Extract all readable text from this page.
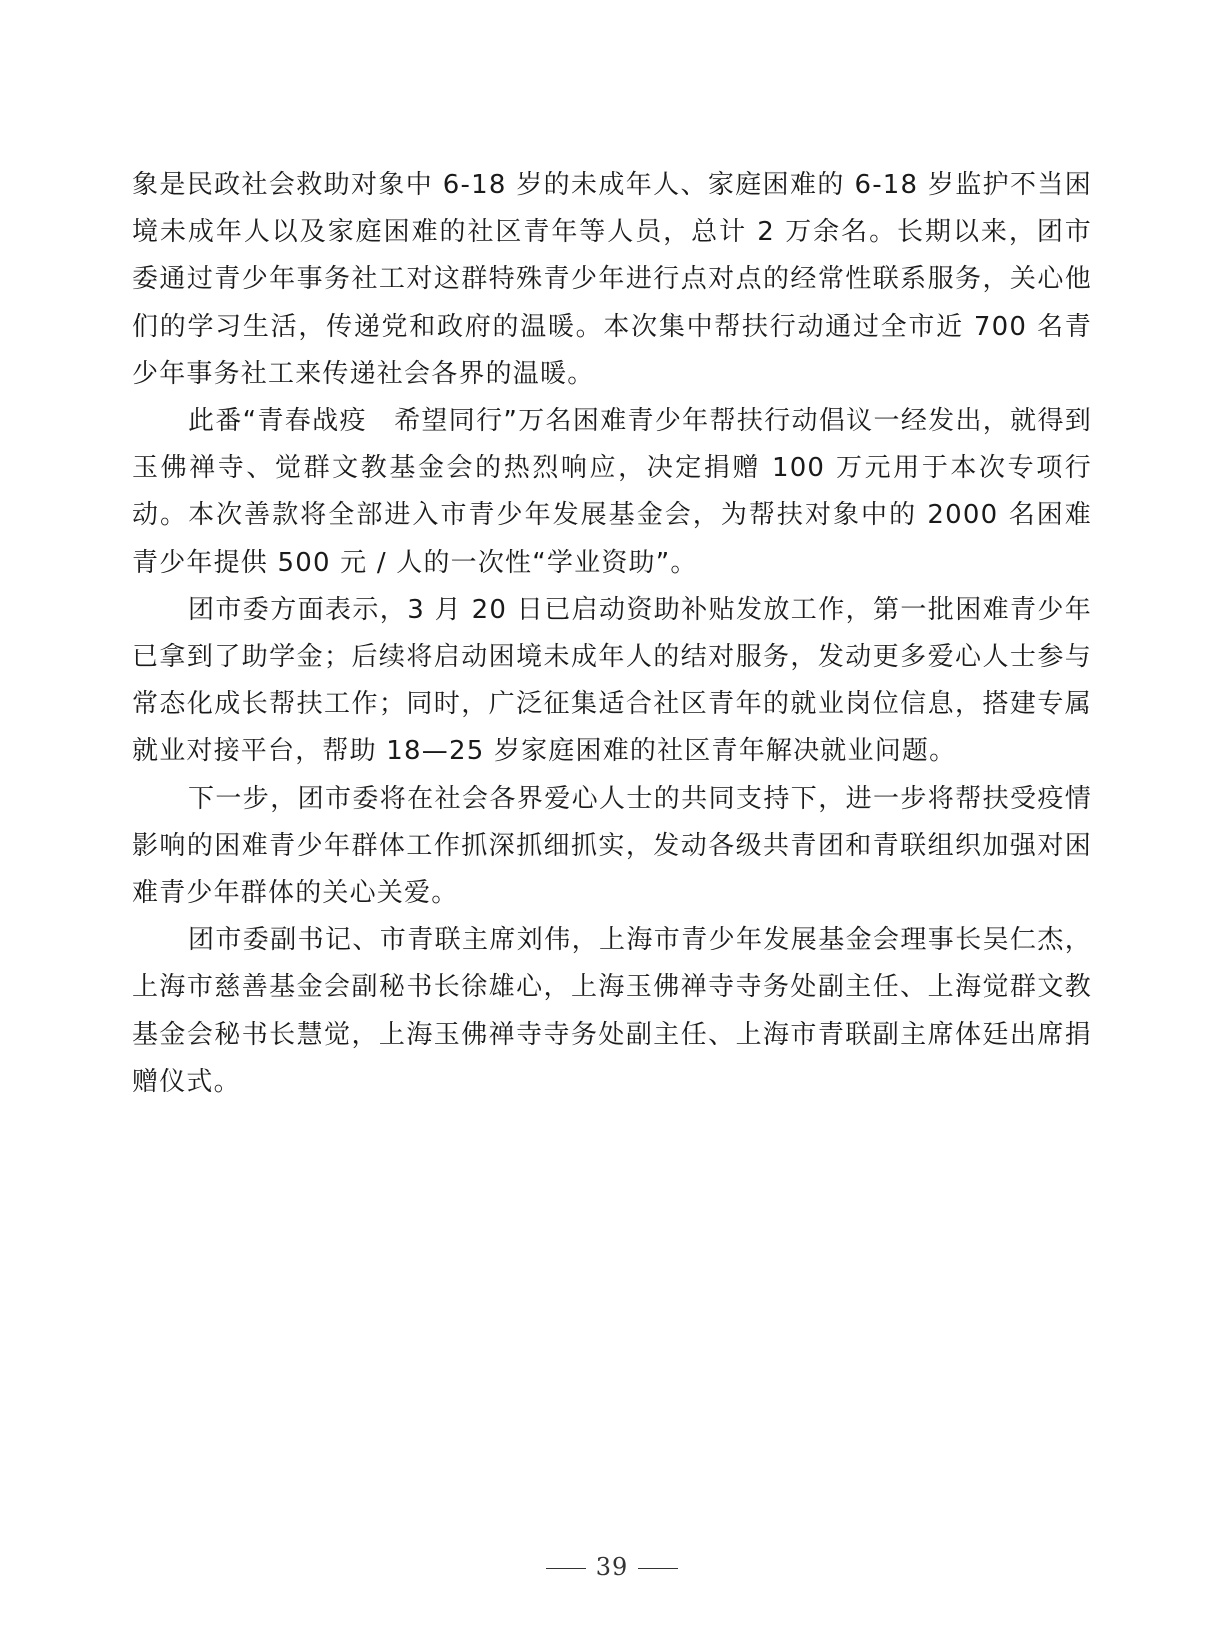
象是民政社会救助对象中 6-18 岁的未成年人、家庭困难的 6-18 岁监护不当困境未成年人以及家庭困难的社区青年等人员，总计 2 万余名。长期以来，团市委通过青少年事务社工对这群特殊青少年进行点对点的经常性联系服务，关心他们的学习生活，传递党和政府的温暖。本次集中帮扶行动通过全市近 700 名青少年事务社工来传递社会各界的温暖。

此番“青春战疫　希望同行”万名困难青少年帮扶行动倡议一经发出，就得到玉佛禅寺、觉群文教基金会的热烈响应，决定捐赠 100 万元用于本次专项行动。本次善款将全部进入市青少年发展基金会，为帮扶对象中的 2000 名困难青少年提供 500 元 / 人的一次性“学业资助”。

团市委方面表示，3 月 20 日已启动资助补贴发放工作，第一批困难青少年已拿到了助学金；后续将启动困境未成年人的结对服务，发动更多爱心人士参与常态化成长帮扶工作；同时，广泛征集适合社区青年的就业岗位信息，搭建专属就业对接平台，帮助 18—25 岁家庭困难的社区青年解决就业问题。

下一步，团市委将在社会各界爱心人士的共同支持下，进一步将帮扶受疫情影响的困难青少年群体工作抓深抓细抓实，发动各级共青团和青联组织加强对困难青少年群体的关心关爱。

团市委副书记、市青联主席刘伟，上海市青少年发展基金会理事长吴仁杰，上海市慈善基金会副秘书长徐雄心，上海玉佛禅寺寺务处副主任、上海觉群文教基金会秘书长慧觉，上海玉佛禅寺寺务处副主任、上海市青联副主席体廷出席捐赠仪式。

39
